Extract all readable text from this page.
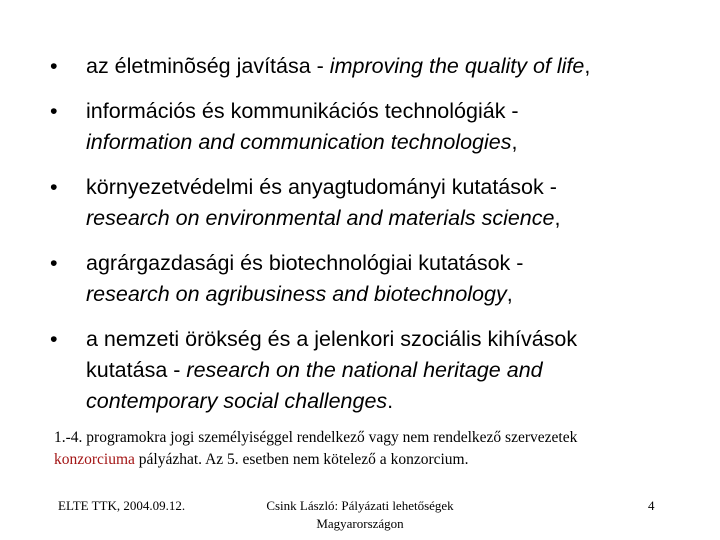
•	az életminõség javítása - improving the quality of life,
•	információs és kommunikációs technológiák -
information and communication technologies,
•	környezetvédelmi és anyagtudományi kutatások -
research on environmental and materials science,
•	agrárgazdasági és biotechnológiai kutatások -
research on agribusiness and biotechnology,
•	a nemzeti örökség és a jelenkori szociális kihívások
kutatása - research on the national heritage and
contemporary social challenges.
1.-4. programokra jogi személyiséggel rendelkező vagy nem rendelkező szervezetek
konzorciuma pályázhat. Az 5. esetben nem kötelező a konzorcium.
ELTE TTK, 2004.09.12.	Csink László: Pályázati lehetőségek
Magyarországon
4
